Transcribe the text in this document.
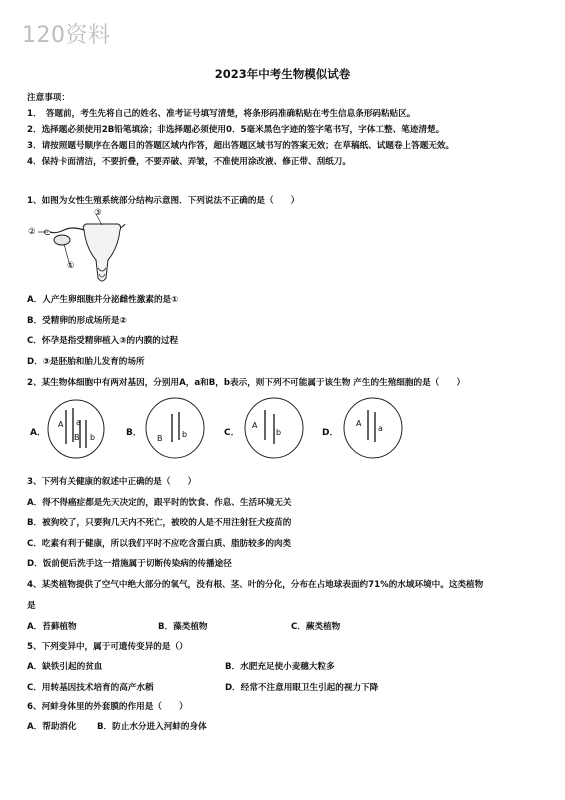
120资料
2023年中考生物模似试卷
注意事项：
1．　答题前，考生先将自己的姓名、准考证号填写清楚，将条形码准确粘贴在考生信息条形码粘贴区。
2．选择题必须使用2B铅笔填涂；非选择题必须使用0．5毫米黑色字迹的签字笔书写，字体工整、笔迹清楚。
3．请按照题号顺序在各题目的答题区域内作答，超出答题区域书写的答案无效；在草稿纸、试题卷上答题无效。
4．保持卡面清洁，不要折叠，不要弄破、弄皱，不准使用涂改液、修正带、刮纸刀。
1、如图为女性生殖系统部分结构示意图．下列说法不正确的是（　　）
③
②
①
A．人产生卵细胞并分泌雌性激素的是①
B．受精卵的形成场所是②
C．怀孕是指受精卵植入③的内膜的过程
D．③是胚胎和胎儿发育的场所
2、某生物体细胞中有两对基因，分别用A，a和B，b表示，则下列不可能属于该生物 产生的生殖细胞的是（　　）
A．
A a
B b	B．
B b	C．
A
b	D．
A
a
3、下列有关健康的叙述中正确的是（　　）
A．得不得癌症都是先天决定的，跟平时的饮食、作息、生活环境无关
B．被狗咬了，只要狗几天内不死亡，被咬的人是不用注射狂犬疫苗的
C．吃素有利于健康，所以我们平时不应吃含蛋白质、脂肪较多的肉类
D．饭前便后洗手这一措施属于切断传染病的传播途径
4、某类植物提供了空气中绝大部分的氧气，没有根、茎、叶的分化，分布在占地球表面约71%的水域环境中。这类植物
是
A．苔藓植物	B．藻类植物	C．蕨类植物
5、下列变异中，属于可遗传变异的是（）
A．缺铁引起的贫血	B．水肥充足使小麦穗大粒多
C．用转基因技术培育的高产水稻	D．经常不注意用眼卫生引起的视力下降
6、河蚌身体里的外套膜的作用是（　　）
A．帮助消化 B．防止水分进入河蚌的身体
